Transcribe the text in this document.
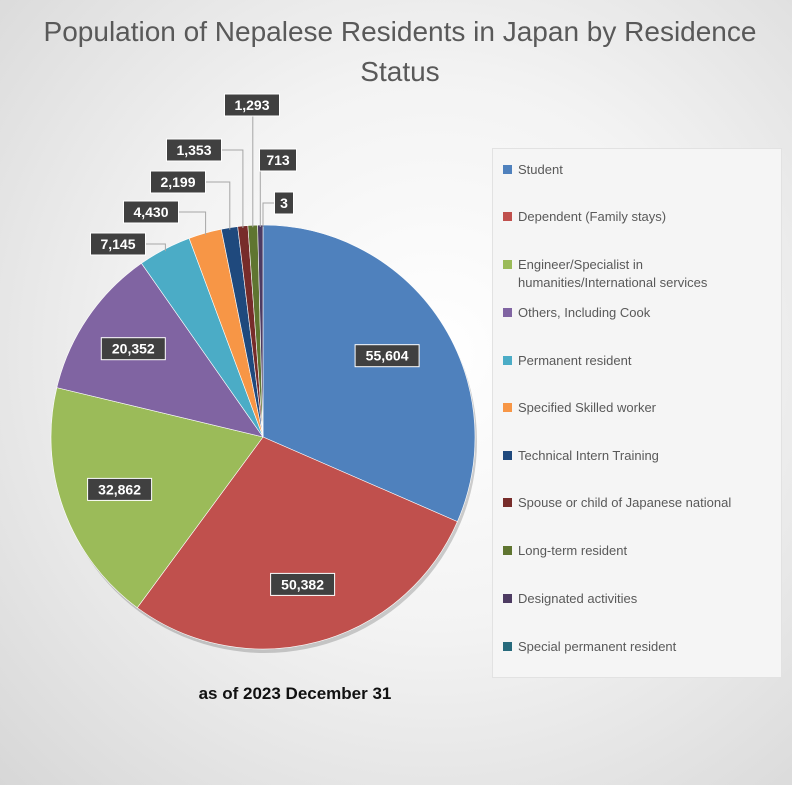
Population of Nepalese Residents in Japan by Residence Status
55,604
50,382
32,862
20,352
7,145
4,430
2,199
1,353
1,293
713
3
Student
Dependent (Family stays)
Engineer/Specialist in humanities/International services
Others, Including Cook
Permanent resident
Specified Skilled worker
Technical Intern Training
Spouse or child of Japanese national
Long-term resident
Designated activities
Special permanent resident
as of 2023 December 31
